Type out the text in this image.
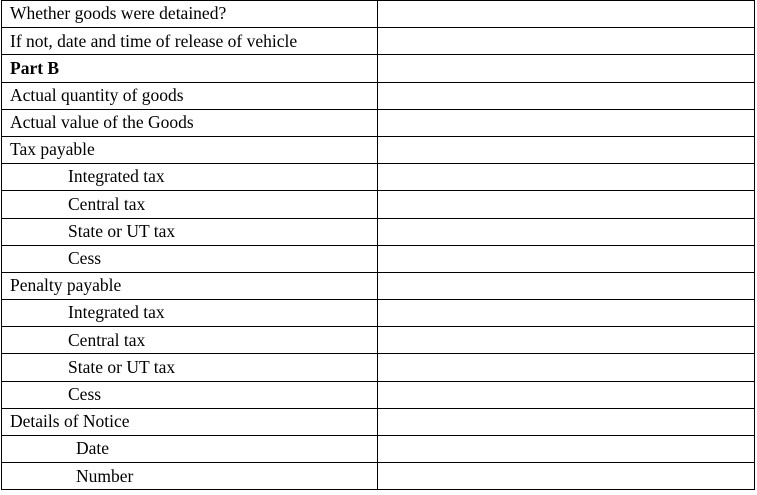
Whether goods were detained?	
If not, date and time of release of vehicle	
Part B	
Actual quantity of goods	
Actual value of the Goods	
Tax payable	
Integrated tax	
Central tax	
State or UT tax	
Cess	
Penalty payable	
Integrated tax	
Central tax	
State or UT tax	
Cess	
Details of Notice	
Date	
Number	
